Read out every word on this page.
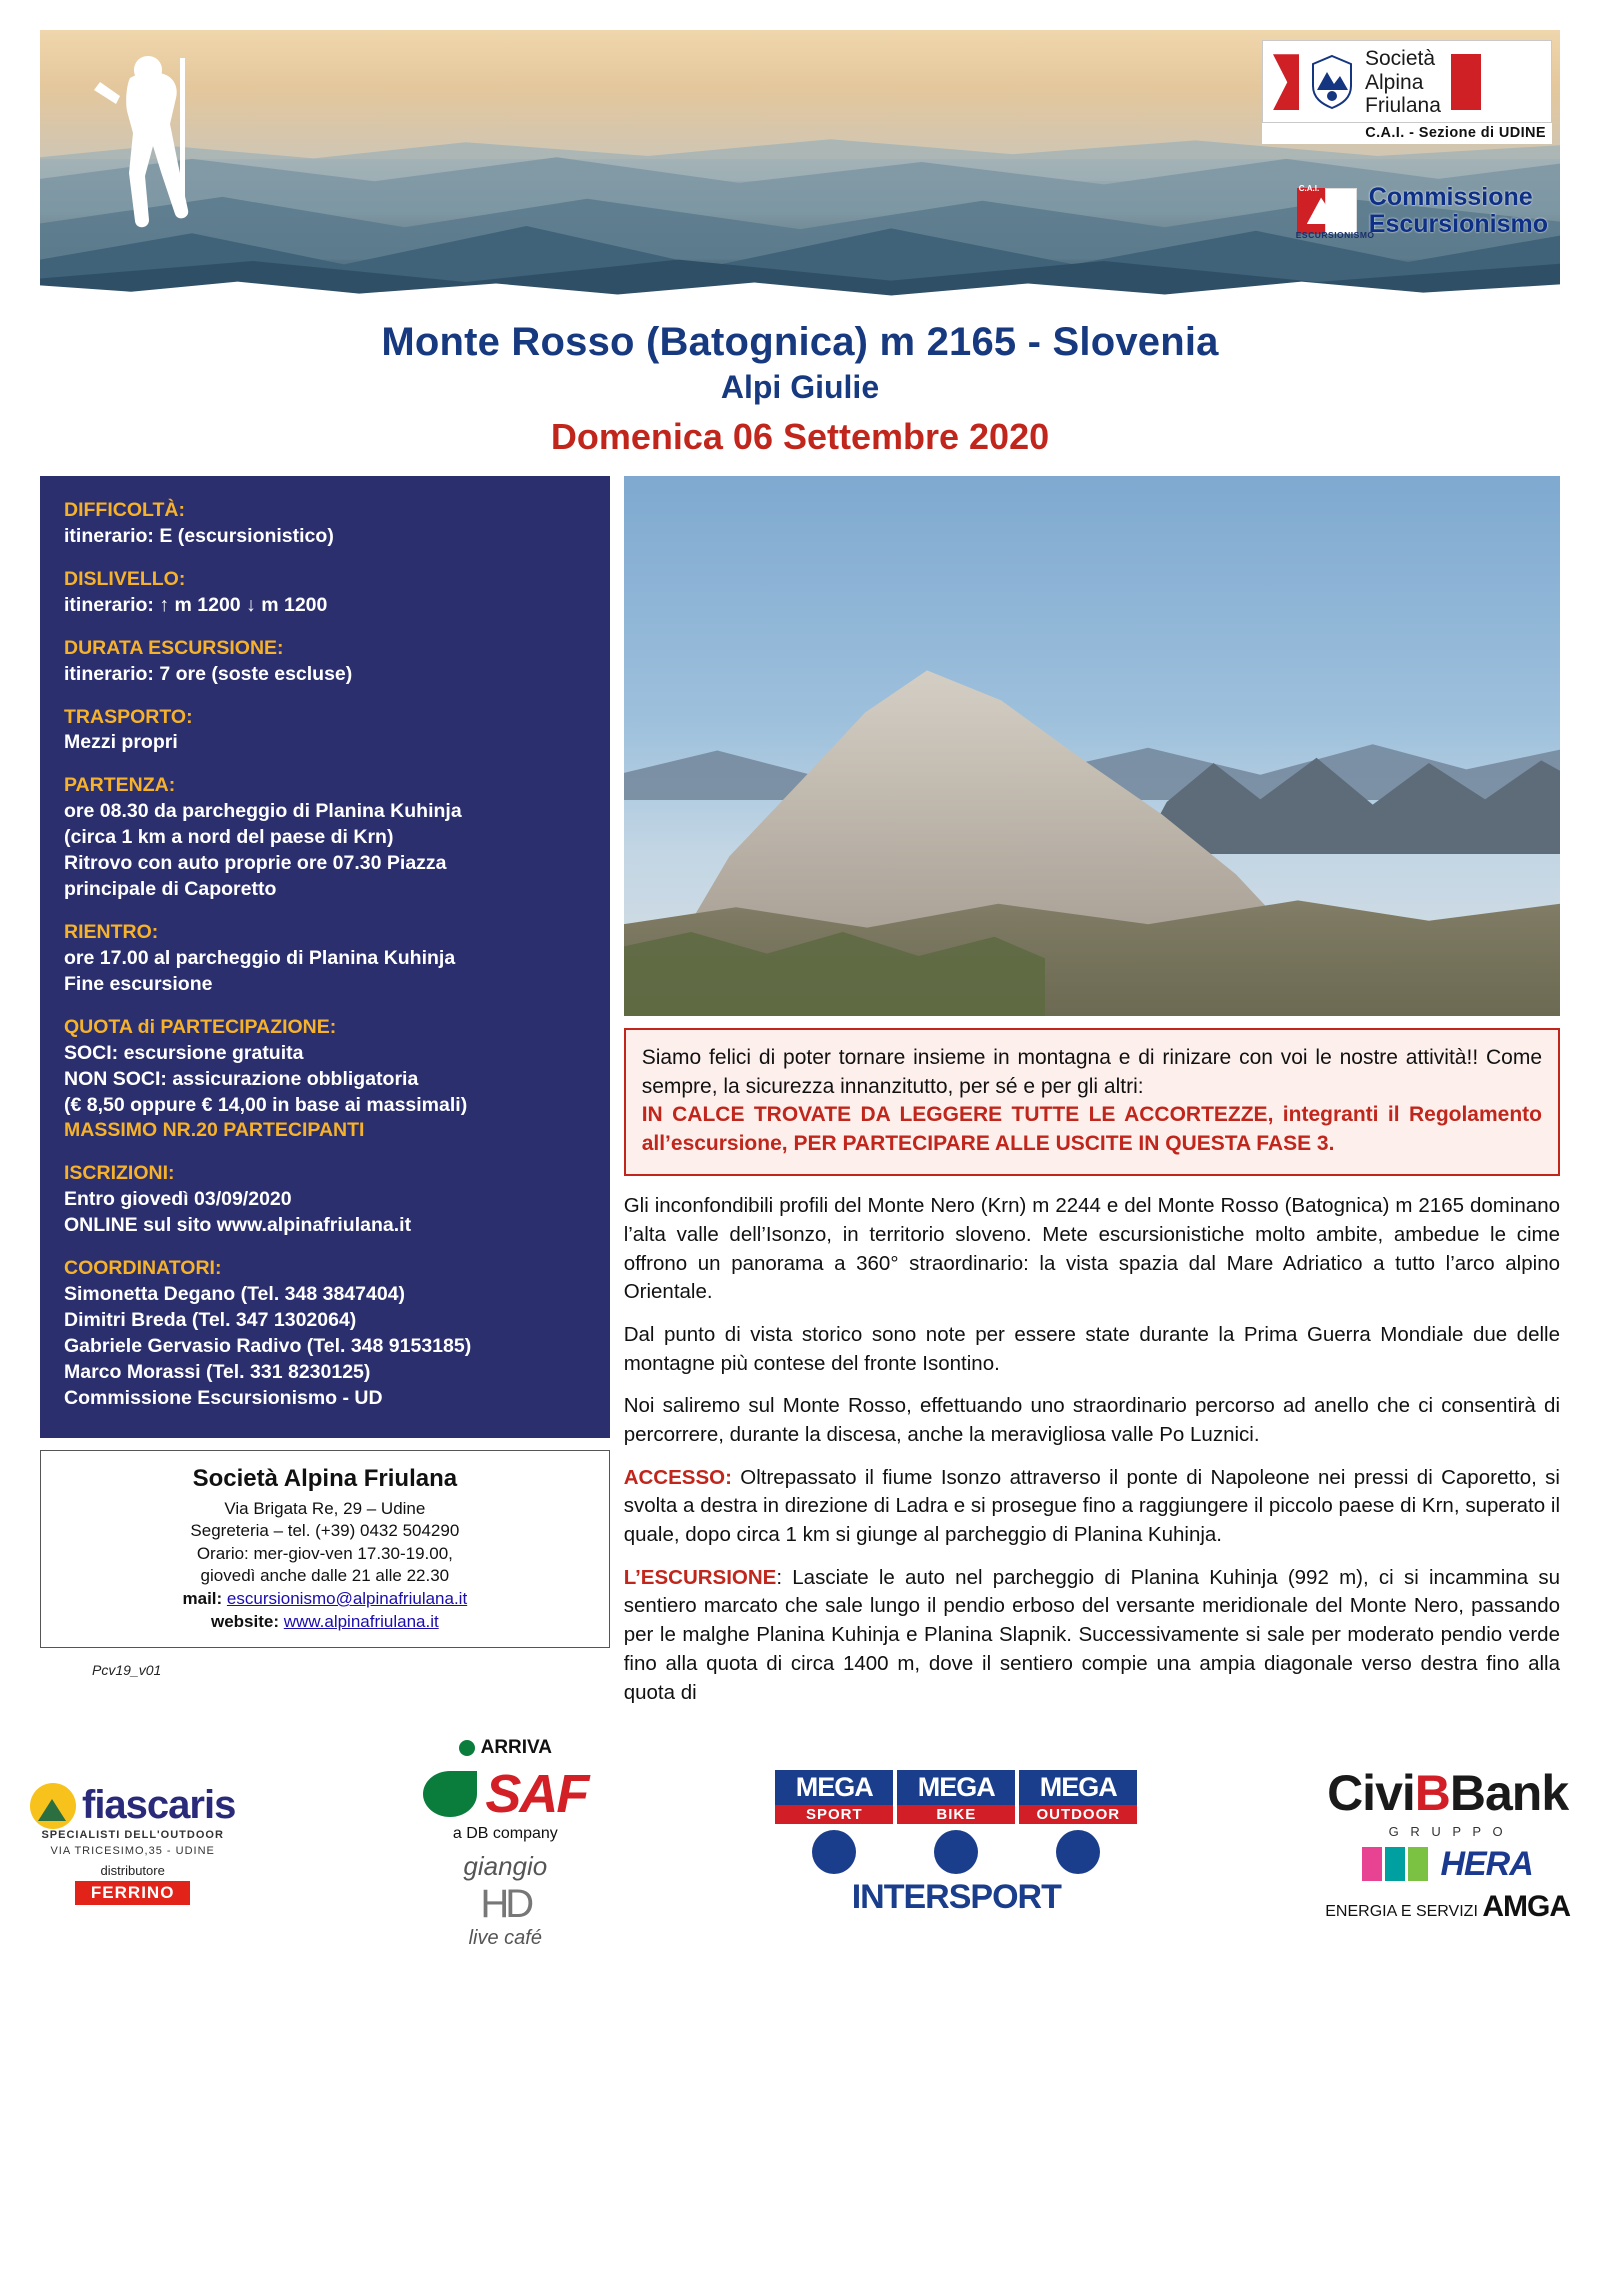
Società
Alpina
Friulana
C.A.I. - Sezione di UDINE
C.A.I.
ESCURSIONISMO
Commissione
Escursionismo
Monte Rosso (Batognica) m 2165 - Slovenia
Alpi Giulie
Domenica 06 Settembre 2020
DIFFICOLTÀ:
itinerario: E (escursionistico)
DISLIVELLO:
itinerario: ↑ m 1200 ↓ m 1200
DURATA ESCURSIONE:
itinerario: 7 ore (soste escluse)
TRASPORTO:
Mezzi propri
PARTENZA:
ore 08.30 da parcheggio di Planina Kuhinja
(circa 1 km a nord del paese di Krn)
Ritrovo con auto proprie ore 07.30 Piazza
principale di Caporetto
RIENTRO:
ore 17.00 al parcheggio di Planina Kuhinja
Fine escursione
QUOTA di PARTECIPAZIONE:
SOCI: escursione gratuita
NON SOCI: assicurazione obbligatoria
(€ 8,50 oppure € 14,00 in base ai massimali)
MASSIMO NR.20 PARTECIPANTI
ISCRIZIONI:
Entro giovedì 03/09/2020
ONLINE sul sito www.alpinafriulana.it
COORDINATORI:
Simonetta Degano (Tel. 348 3847404)
Dimitri Breda (Tel. 347 1302064)
Gabriele Gervasio Radivo (Tel. 348 9153185)
Marco Morassi (Tel. 331 8230125)
Commissione Escursionismo - UD
Società Alpina Friulana
Via Brigata Re, 29 – Udine
Segreteria – tel. (+39) 0432 504290
Orario: mer-giov-ven 17.30-19.00,
giovedì anche dalle 21 alle 22.30
mail: escursionismo@alpinafriulana.it
website: www.alpinafriulana.it
Pcv19_v01

Siamo felici di poter tornare insieme in montagna e di rinizare con voi le nostre attività!! Come sempre, la sicurezza innanzitutto, per sé e per gli altri:

IN CALCE TROVATE DA LEGGERE TUTTE LE ACCORTEZZE, integranti il Regolamento all’escursione, PER PARTECIPARE ALLE USCITE IN QUESTA FASE 3.

Gli inconfondibili profili del Monte Nero (Krn) m 2244 e del Monte Rosso (Batognica) m 2165 dominano l’alta valle dell’Isonzo, in territorio sloveno. Mete escursionistiche molto ambite, ambedue le cime offrono un panorama a 360° straordinario: la vista spazia dal Mare Adriatico a tutto l’arco alpino Orientale.

Dal punto di vista storico sono note per essere state durante la Prima Guerra Mondiale due delle montagne più contese del fronte Isontino.

Noi saliremo sul Monte Rosso, effettuando uno straordinario percorso ad anello che ci consentirà di percorrere, durante la discesa, anche la meravigliosa valle Po Luznici.

ACCESSO: Oltrepassato il fiume Isonzo attraverso il ponte di Napoleone nei pressi di Caporetto, si svolta a destra in direzione di Ladra e si prosegue fino a raggiungere il piccolo paese di Krn, superato il quale, dopo circa 1 km si giunge al parcheggio di Planina Kuhinja.

L’ESCURSIONE: Lasciate le auto nel parcheggio di Planina Kuhinja (992 m), ci si incammina su sentiero marcato che sale lungo il pendio erboso del versante meridionale del Monte Nero, passando per le malghe Planina Kuhinja e Planina Slapnik. Successivamente si sale per moderato pendio verde fino alla quota di circa 1400 m, dove il sentiero compie una ampia diagonale verso destra fino alla quota di

fiascaris
SPECIALISTI DELL'OUTDOOR
VIA TRICESIMO,35 - UDINE
distributore
FERRINO
ARRIVA
SAF
a DB company
giangio
HD
live café
MEGA
SPORT
MEGA
BIKE
MEGA
OUTDOOR
INTERSPORT
Civi B Bank
G R U P P O
HERA
ENERGIA E SERVIZI AMGA
